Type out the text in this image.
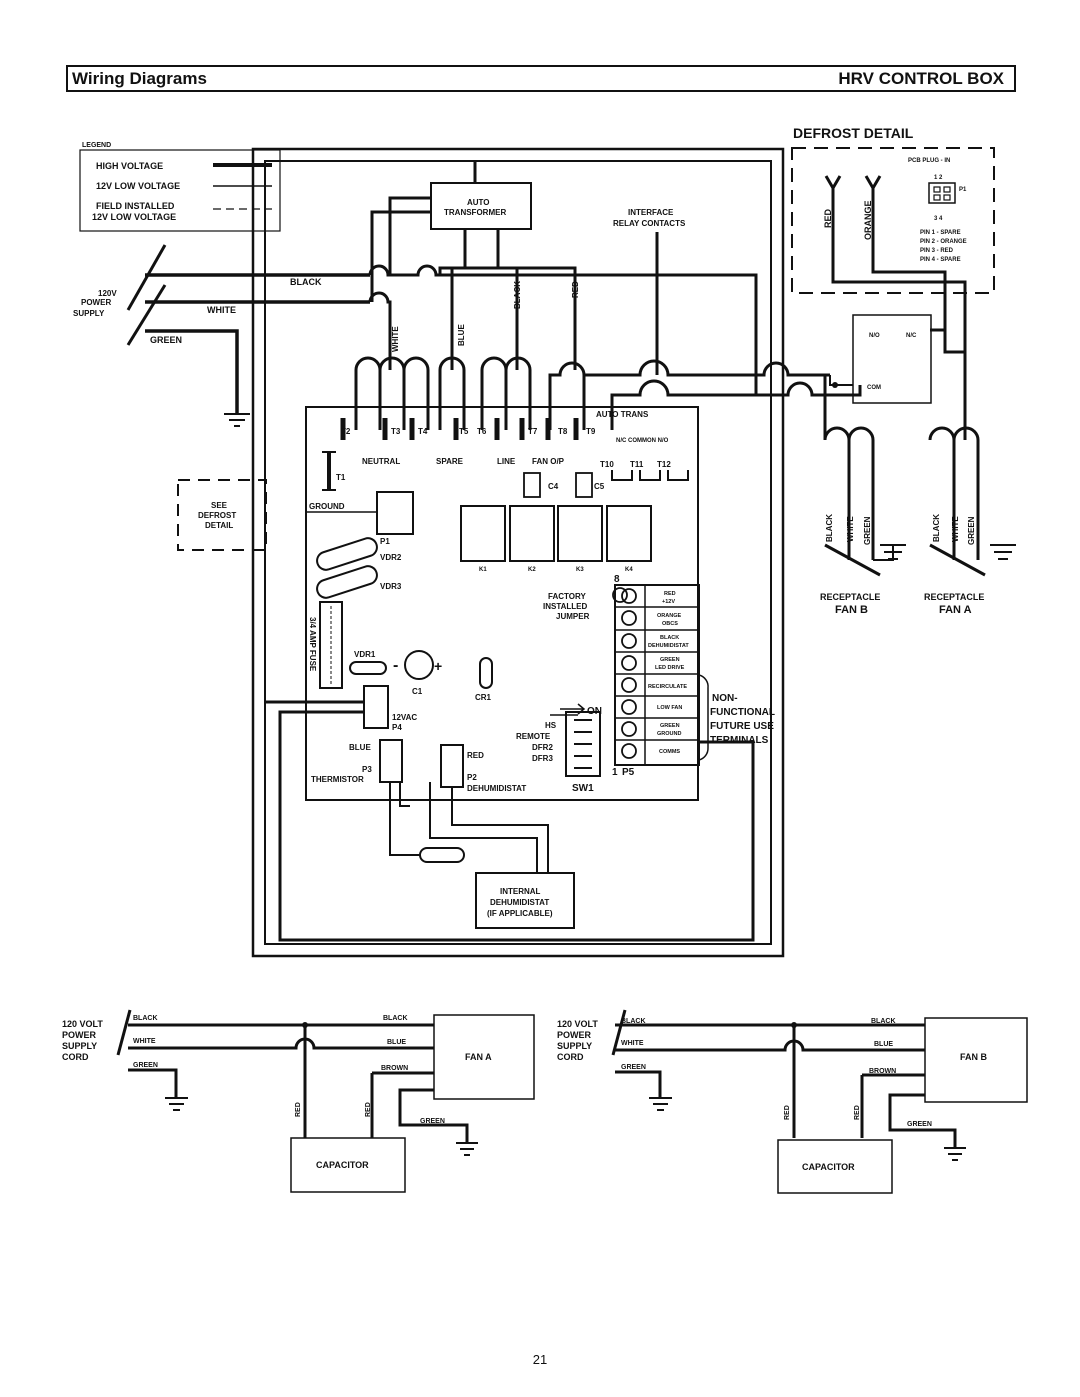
Wiring Diagrams	HRV CONTROL BOX
LEGEND
HIGH VOLTAGE
12V LOW VOLTAGE
FIELD INSTALLED
12V LOW VOLTAGE
DEFROST DETAIL
PCB PLUG - IN
1 2
P1
3 4
PIN 1 - SPARE
PIN 2 - ORANGE
PIN 3 - RED
PIN 4 - SPARE
RED	ORANGE
N/O	N/C
COM
120V
POWER
SUPPLY
BLACK
WHITE
GREEN
AUTO
TRANSFORMER	INTERFACE
RELAY CONTACTS
WHITE	BLUE
BLACK	RED
T2	T3 T4	T5 T6	T7	T8 T9
AUTO TRANS
NEUTRAL	SPARE	LINE FAN O/P
N/C COMMON N/O
T10 T11 T12
C4	C5
T1
GROUND
P1
VDR2
VDR3
3/4 AMP FUSE	VDR1
C1
CR1
12VAC
P4
BLUE
P3
THERMISTOR
RED
P2
DEHUMIDISTAT	SW1
ON
HS
REMOTE
DFR2
DFR3
1 P5
8
K1	K2	K3	K4
FACTORY
INSTALLED
JUMPER
RED
+12V
ORANGE
OBCS
BLACK
DEHUMIDISTAT
GREEN
LED DRIVE
RECIRCULATE
LOW FAN
GREEN
GROUND
COMMS
NON-
FUNCTIONAL
FUTURE USE
TERMINALS
SEE
DEFROST
DETAIL
INTERNAL
DEHUMIDISTAT
(IF APPLICABLE)
BLACK WHITE GREEN	BLACK WHITE GREEN
RECEPTACLE
FAN B
RECEPTACLE
FAN A
120 VOLT
POWER
SUPPLY
CORD
BLACK
WHITE
GREEN
BLACK
BLUE
BROWN
GREEN
RED	RED
FAN A
CAPACITOR
120 VOLT
POWER
SUPPLY
CORD
BLACK
WHITE
GREEN
BLACK
BLUE
BROWN
GREEN
RED	RED
FAN B
CAPACITOR
-	+
21
